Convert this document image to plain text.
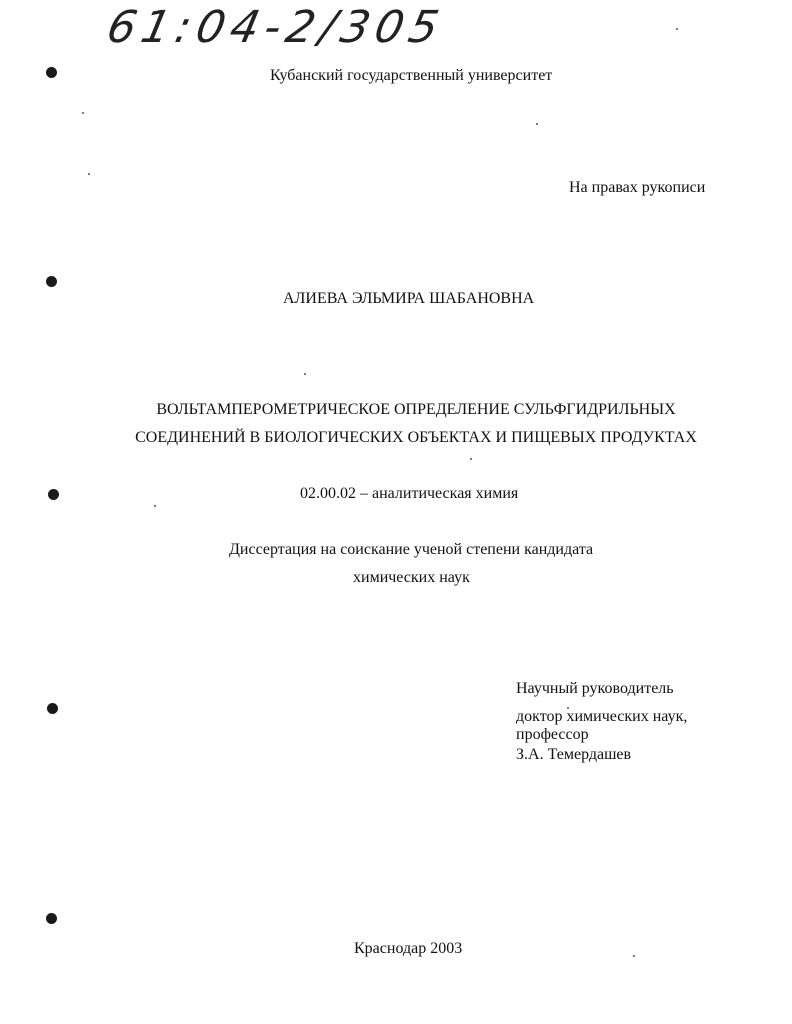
61:04-2/305
Кубанский государственный университет
На правах рукописи
АЛИЕВА ЭЛЬМИРА ШАБАНОВНА
ВОЛЬТАМПЕРОМЕТРИЧЕСКОЕ ОПРЕДЕЛЕНИЕ СУЛЬФГИДРИЛЬНЫХ
СОЕДИНЕНИЙ В БИОЛОГИЧЕСКИХ ОБЪЕКТАХ И ПИЩЕВЫХ ПРОДУКТАХ
02.00.02 – аналитическая химия
Диссертация на соискание ученой степени кандидата
химических наук
Научный руководитель
доктор химических наук,
профессор
З.А. Темердашев
Краснодар 2003
